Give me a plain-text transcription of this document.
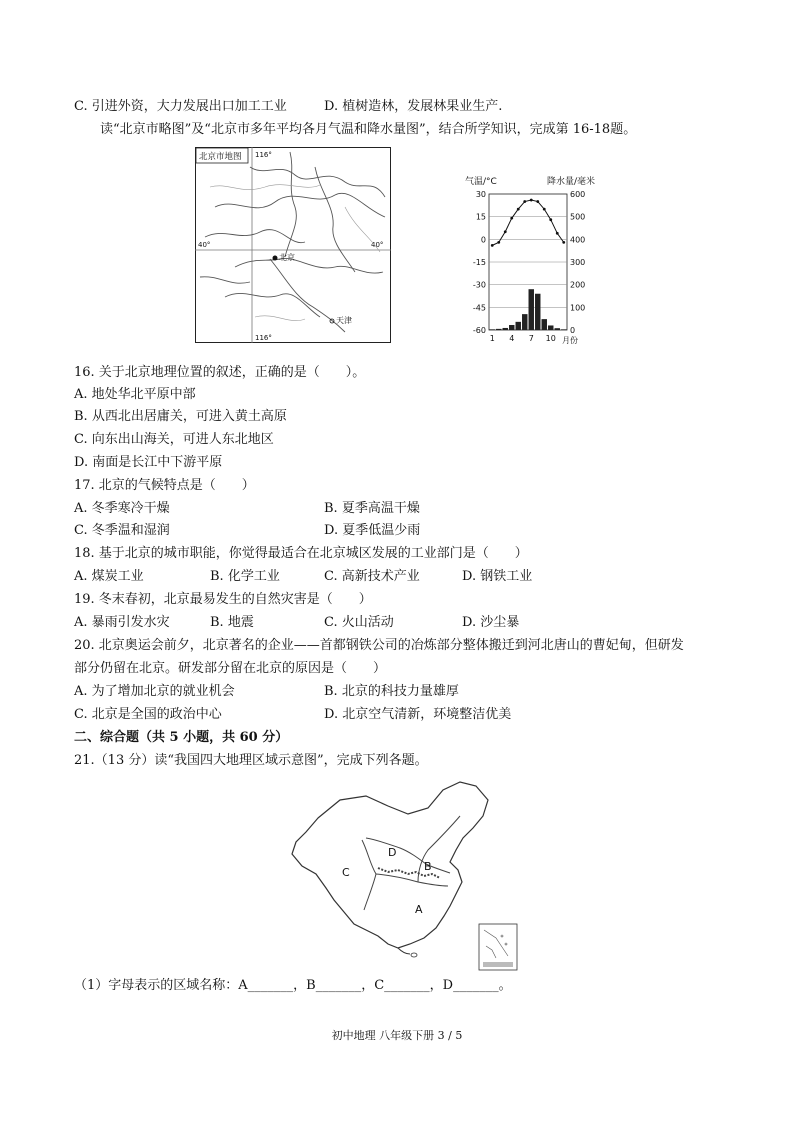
C. 引进外资，大力发展出口加工工业	D. 植树造林，发展林果业生产.
读“北京市略图”及“北京市多年平均各月气温和降水量图”，结合所学知识，完成第 16-18题。
北京市地图 116°
116°
40°	40°
北京
天津
气温/°C	降水量/毫米
30
15
0
-15
-30
-45
-60
600
500
400
300
200
100
0
1 4 7 10 月份
16. 关于北京地理位置的叙述，正确的是（　　）。
A. 地处华北平原中部
B. 从西北出居庸关，可进入黄土高原
C. 向东出山海关，可进人东北地区
D. 南面是长江中下游平原
17. 北京的气候特点是（　　）
A. 冬季寒冷干燥	B. 夏季高温干燥
C. 冬季温和湿润	D. 夏季低温少雨
18. 基于北京的城市职能，你觉得最适合在北京城区发展的工业部门是（　　）
A. 煤炭工业	B. 化学工业	C. 高新技术产业	D. 钢铁工业
19. 冬末春初，北京最易发生的自然灾害是（　　）
A. 暴雨引发水灾	B. 地震	C. 火山活动	D. 沙尘暴
20. 北京奥运会前夕，北京著名的企业——首都钢铁公司的冶炼部分整体搬迁到河北唐山的曹妃甸，但研发
部分仍留在北京。研发部分留在北京的原因是（　　）
A. 为了增加北京的就业机会	B. 北京的科技力量雄厚
C. 北京是全国的政治中心	D. 北京空气清新，环境整洁优美
二、综合题（共 5 小题，共 60 分）
21.（13 分）读“我国四大地理区域示意图”，完成下列各题。
A
B
C
D
（1）字母表示的区域名称：A_______，B_______，C_______，D_______。
初中地理 八年级下册 3 / 5
